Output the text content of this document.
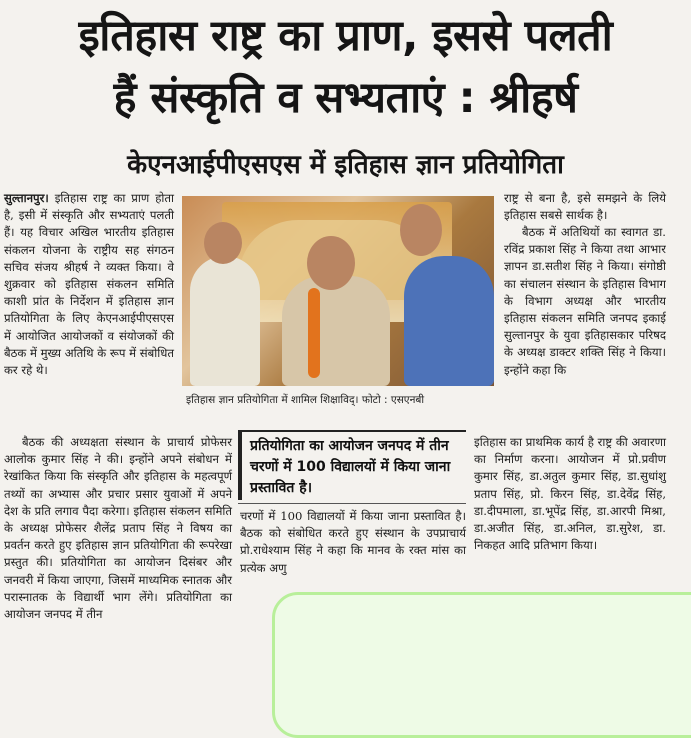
इतिहास राष्ट्र का प्राण, इससे पलती
हैं संस्कृति व सभ्यताएं : श्रीहर्ष
केएनआईपीएसएस में इतिहास ज्ञान प्रतियोगिता

सुल्तानपुर। इतिहास राष्ट्र का प्राण होता है, इसी में संस्कृति और सभ्यताएं पलती हैं। यह विचार अखिल भारतीय इतिहास संकलन योजना के राष्ट्रीय सह संगठन सचिव संजय श्रीहर्ष ने व्यक्त किया। वे शुक्रवार को इतिहास संकलन समिति काशी प्रांत के निर्देशन में इतिहास ज्ञान प्रतियोगिता के लिए केएनआईपीएसएस में आयोजित आयोजकों व संयोजकों की बैठक में मुख्य अतिथि के रूप में संबोधित कर रहे थे।

इतिहास ज्ञान प्रतियोगिता में शामिल शिक्षाविद्। फोटो : एसएनबी

बैठक की अध्यक्षता संस्थान के प्राचार्य प्रोफेसर आलोक कुमार सिंह ने की। इन्होंने अपने संबोधन में रेखांकित किया कि संस्कृति और इतिहास के महत्वपूर्ण तथ्यों का अभ्यास और प्रचार प्रसार युवाओं में अपने देश के प्रति लगाव पैदा करेगा। इतिहास संकलन समिति के अध्यक्ष प्रोफेसर शैलेंद्र प्रताप सिंह ने विषय का प्रवर्तन करते हुए इतिहास ज्ञान प्रतियोगिता की रूपरेखा प्रस्तुत की। प्रतियोगिता का आयोजन दिसंबर और जनवरी में किया जाएगा, जिसमें माध्यमिक स्नातक और परास्नातक के विद्यार्थी भाग लेंगे। प्रतियोगिता का आयोजन जनपद में तीन

प्रतियोगिता का आयोजन जनपद में तीन चरणों में 100 विद्यालयों में किया जाना प्रस्तावित है।

चरणों में 100 विद्यालयों में किया जाना प्रस्तावित है। बैठक को संबोधित करते हुए संस्थान के उपप्राचार्य प्रो.राधेश्याम सिंह ने कहा कि मानव के रक्त मांस का प्रत्येक अणु

राष्ट्र से बना है, इसे समझने के लिये इतिहास सबसे सार्थक है।

बैठक में अतिथियों का स्वागत डा. रविंद्र प्रकाश सिंह ने किया तथा आभार ज्ञापन डा.सतीश सिंह ने किया। संगोष्ठी का संचालन संस्थान के इतिहास विभाग के विभाग अध्यक्ष और भारतीय इतिहास संकलन समिति जनपद इकाई सुल्तानपुर के युवा इतिहासकार परिषद के अध्यक्ष डाक्टर शक्ति सिंह ने किया। इन्होंने कहा कि

इतिहास का प्राथमिक कार्य है राष्ट्र की अवारणा का निर्माण करना। आयोजन में प्रो.प्रवीण कुमार सिंह, डा.अतुल कुमार सिंह, डा.सुधांशु प्रताप सिंह, प्रो. किरन सिंह, डा.देवेंद्र सिंह, डा.दीपमाला, डा.भूपेंद्र सिंह, डा.आरपी मिश्रा, डा.अजीत सिंह, डा.अनिल, डा.सुरेश, डा. निकहत आदि प्रतिभाग किया।
